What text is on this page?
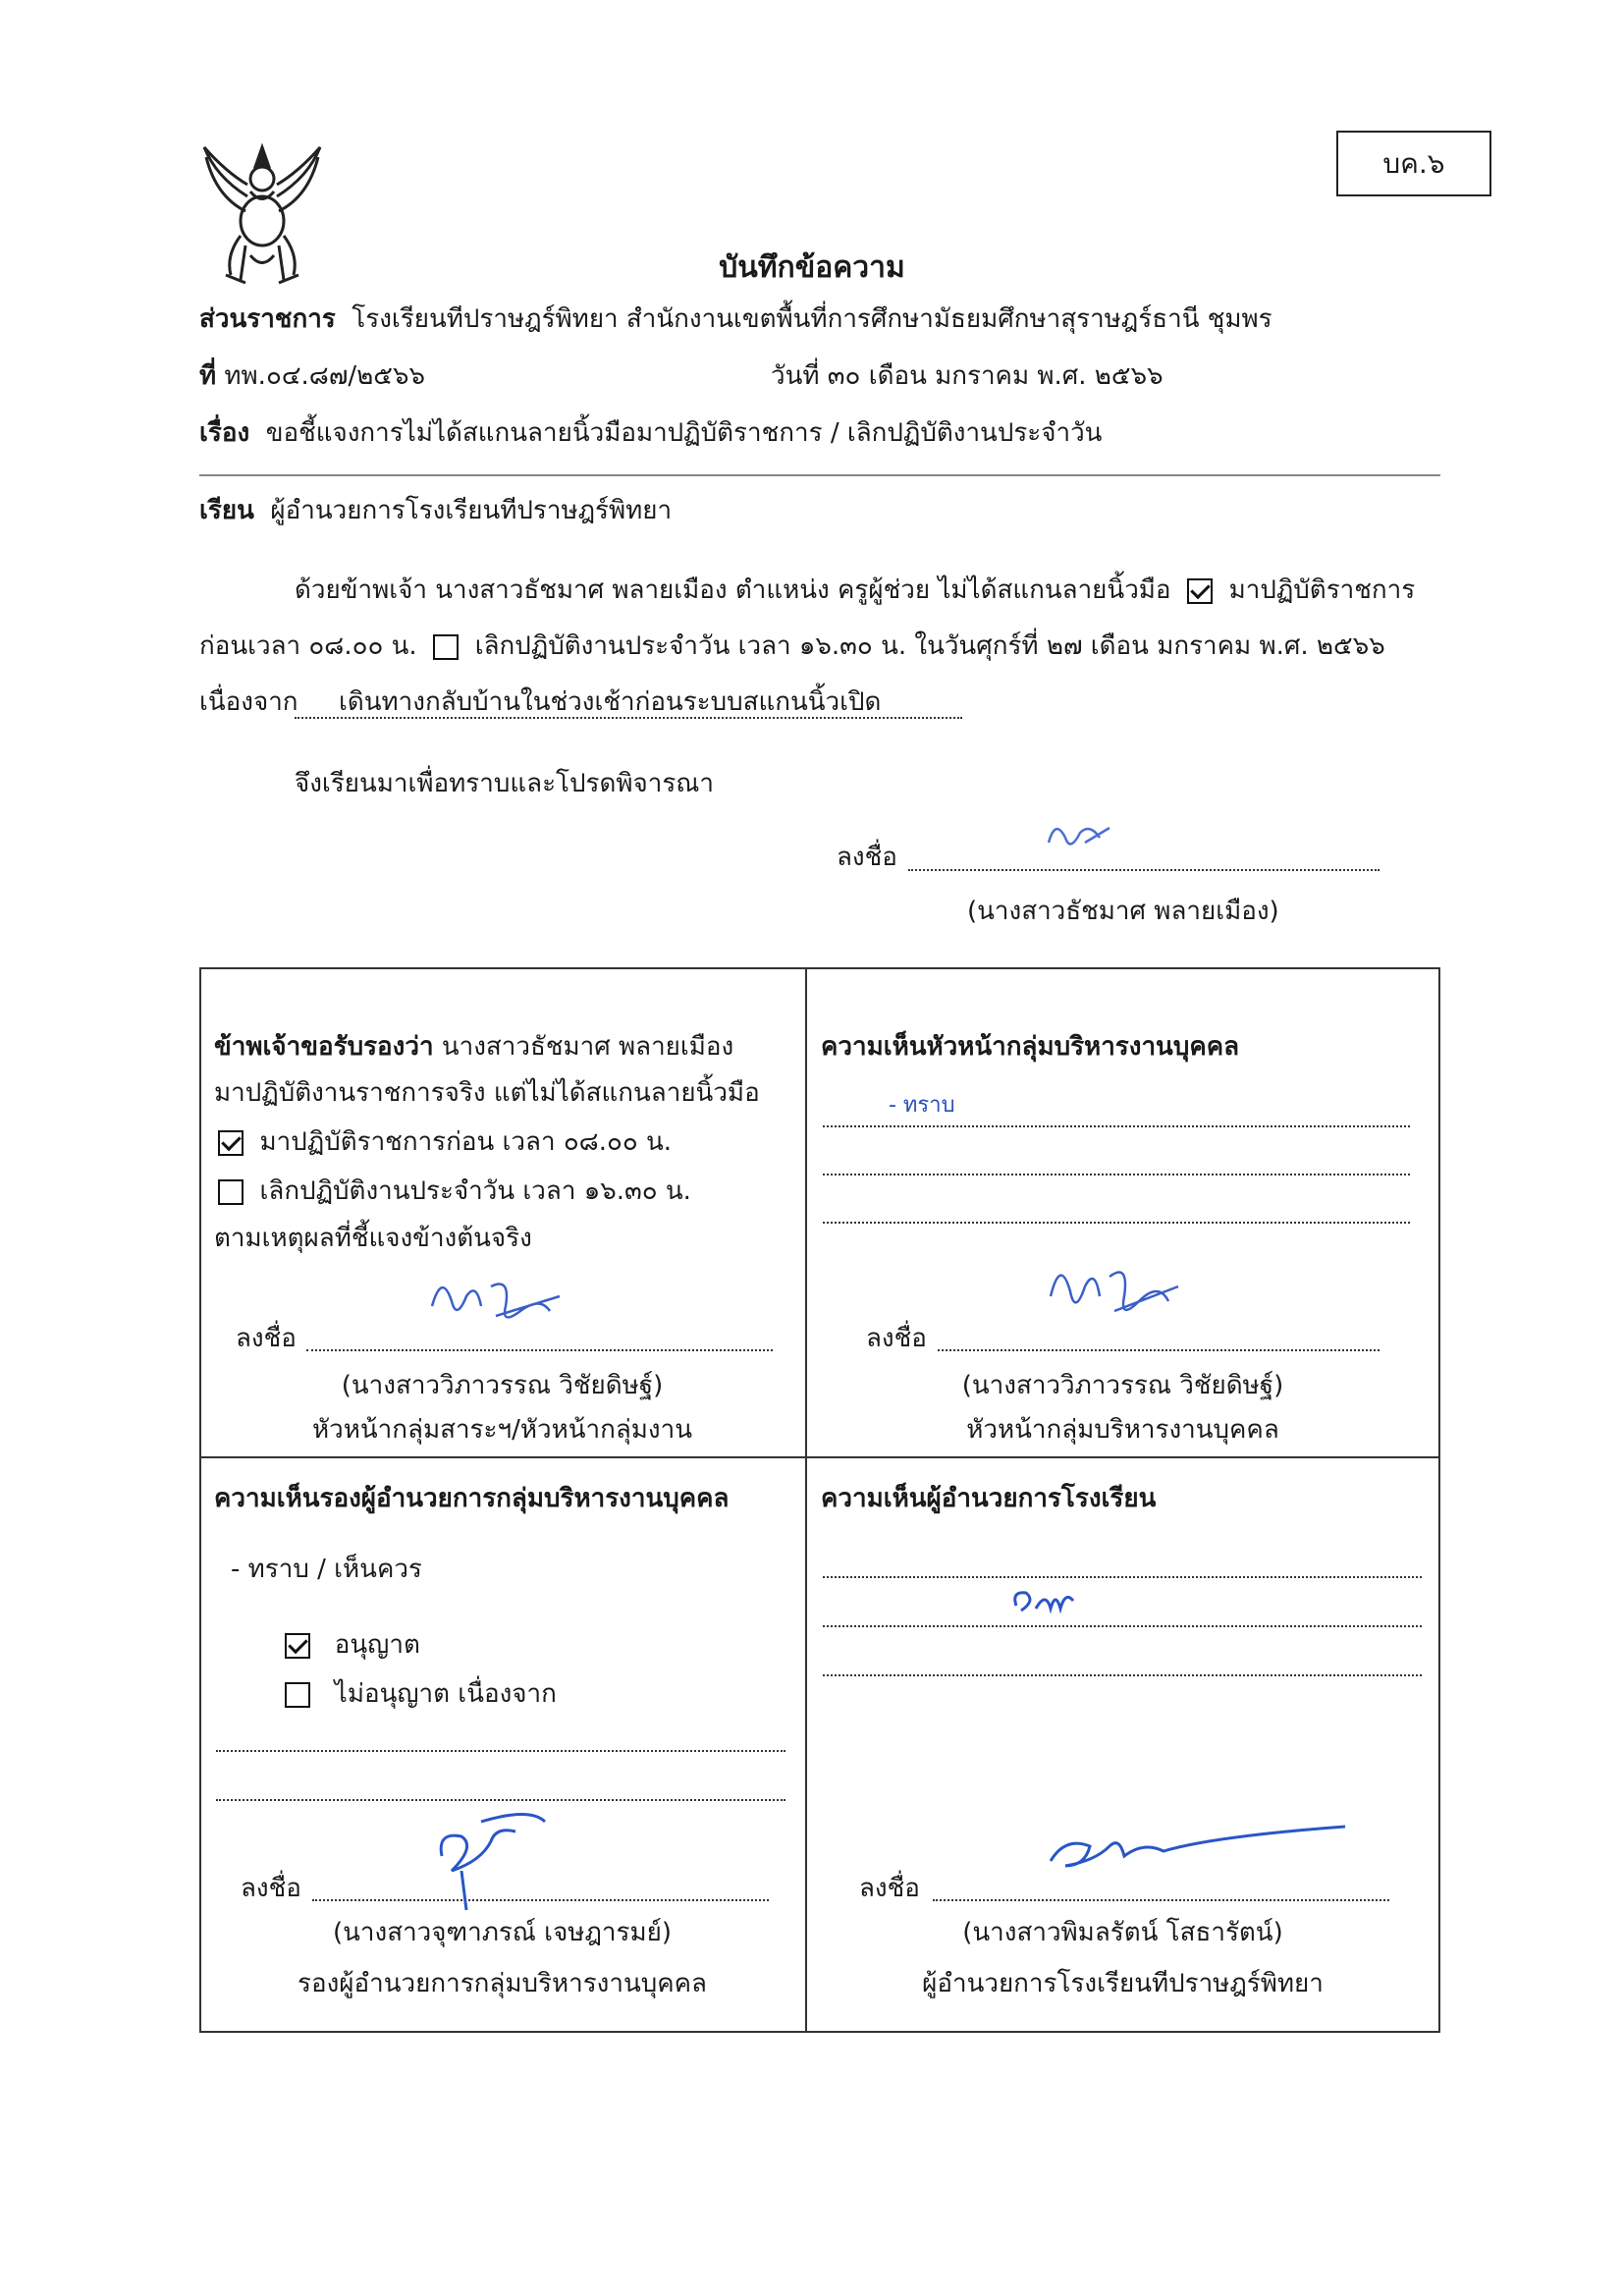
บค.๖
บันทึกข้อความ
ส่วนราชการ โรงเรียนทีปราษฎร์พิทยา สำนักงานเขตพื้นที่การศึกษามัธยมศึกษาสุราษฎร์ธานี ชุมพร
ที่ ทพ.๐๔.๘๗/๒๕๖๖	วันที่ ๓๐ เดือน มกราคม พ.ศ. ๒๕๖๖
เรื่อง ขอชี้แจงการไม่ได้สแกนลายนิ้วมือมาปฏิบัติราชการ / เลิกปฏิบัติงานประจำวัน
เรียน ผู้อำนวยการโรงเรียนทีปราษฎร์พิทยา
ด้วยข้าพเจ้า นางสาวธัชมาศ พลายเมือง ตำแหน่ง ครูผู้ช่วย ไม่ได้สแกนลายนิ้วมือ มาปฏิบัติราชการ
ก่อนเวลา ๐๘.๐๐ น. เลิกปฏิบัติงานประจำวัน เวลา ๑๖.๓๐ น. ในวันศุกร์ที่ ๒๗ เดือน มกราคม พ.ศ. ๒๕๖๖
เนื่องจาก เดินทางกลับบ้านในช่วงเช้าก่อนระบบสแกนนิ้วเปิด
จึงเรียนมาเพื่อทราบและโปรดพิจารณา
ลงชื่อ
(นางสาวธัชมาศ พลายเมือง)
ข้าพเจ้าขอรับรองว่า นางสาวธัชมาศ พลายเมือง
มาปฏิบัติงานราชการจริง แต่ไม่ได้สแกนลายนิ้วมือ
มาปฏิบัติราชการก่อน เวลา ๐๘.๐๐ น.
เลิกปฏิบัติงานประจำวัน เวลา ๑๖.๓๐ น.
ตามเหตุผลที่ชี้แจงข้างต้นจริง
ลงชื่อ
(นางสาววิภาวรรณ วิชัยดิษฐ์)
หัวหน้ากลุ่มสาระฯ/หัวหน้ากลุ่มงาน
ความเห็นหัวหน้ากลุ่มบริหารงานบุคคล
- ทราบ
ลงชื่อ
(นางสาววิภาวรรณ วิชัยดิษฐ์)
หัวหน้ากลุ่มบริหารงานบุคคล
ความเห็นรองผู้อำนวยการกลุ่มบริหารงานบุคคล
- ทราบ / เห็นควร
อนุญาต
ไม่อนุญาต เนื่องจาก
ลงชื่อ
(นางสาวจุฑาภรณ์ เจษฎารมย์)
รองผู้อำนวยการกลุ่มบริหารงานบุคคล
ความเห็นผู้อำนวยการโรงเรียน
ลงชื่อ
(นางสาวพิมลรัตน์ โสธารัตน์)
ผู้อำนวยการโรงเรียนทีปราษฎร์พิทยา
